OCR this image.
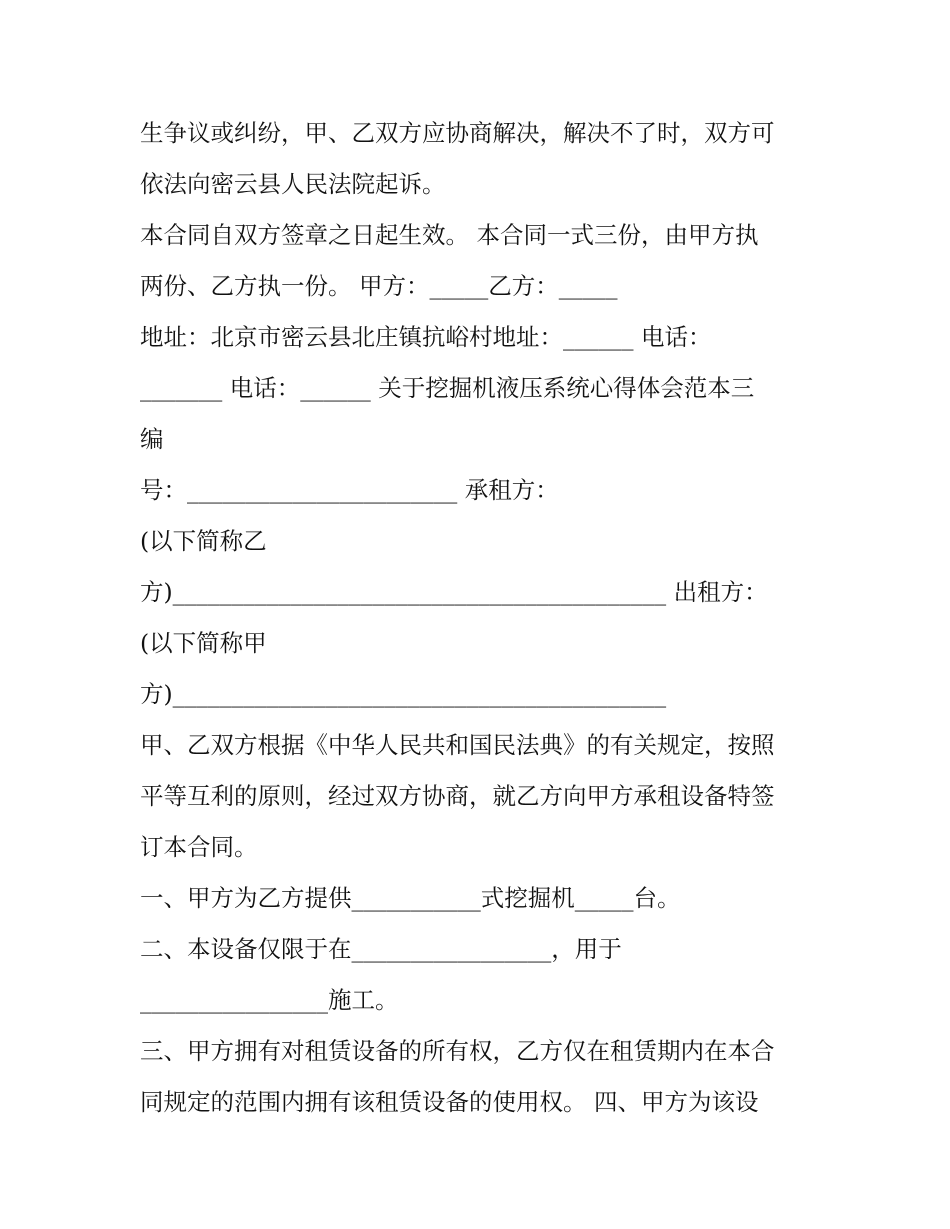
生争议或纠纷，甲、乙双方应协商解决，解决不了时，双方可
依法向密云县人民法院起诉。
本合同自双方签章之日起生效。 本合同一式三份，由甲方执
两份、乙方执一份。 甲方：_____乙方：_____
地址：北京市密云县北庄镇抗峪村地址：______ 电话：
_______ 电话：______ 关于挖掘机液压系统心得体会范本三
编
号：_______________________ 承租方：
(以下简称乙
方)__________________________________________ 出租方：
(以下简称甲
方)__________________________________________
甲、乙双方根据《中华人民共和国民法典》的有关规定，按照
平等互利的原则，经过双方协商，就乙方向甲方承租设备特签
订本合同。
一、甲方为乙方提供___________式挖掘机_____台。
二、本设备仅限于在_________________，用于
________________施工。
三、甲方拥有对租赁设备的所有权，乙方仅在租赁期内在本合
同规定的范围内拥有该租赁设备的使用权。 四、甲方为该设
